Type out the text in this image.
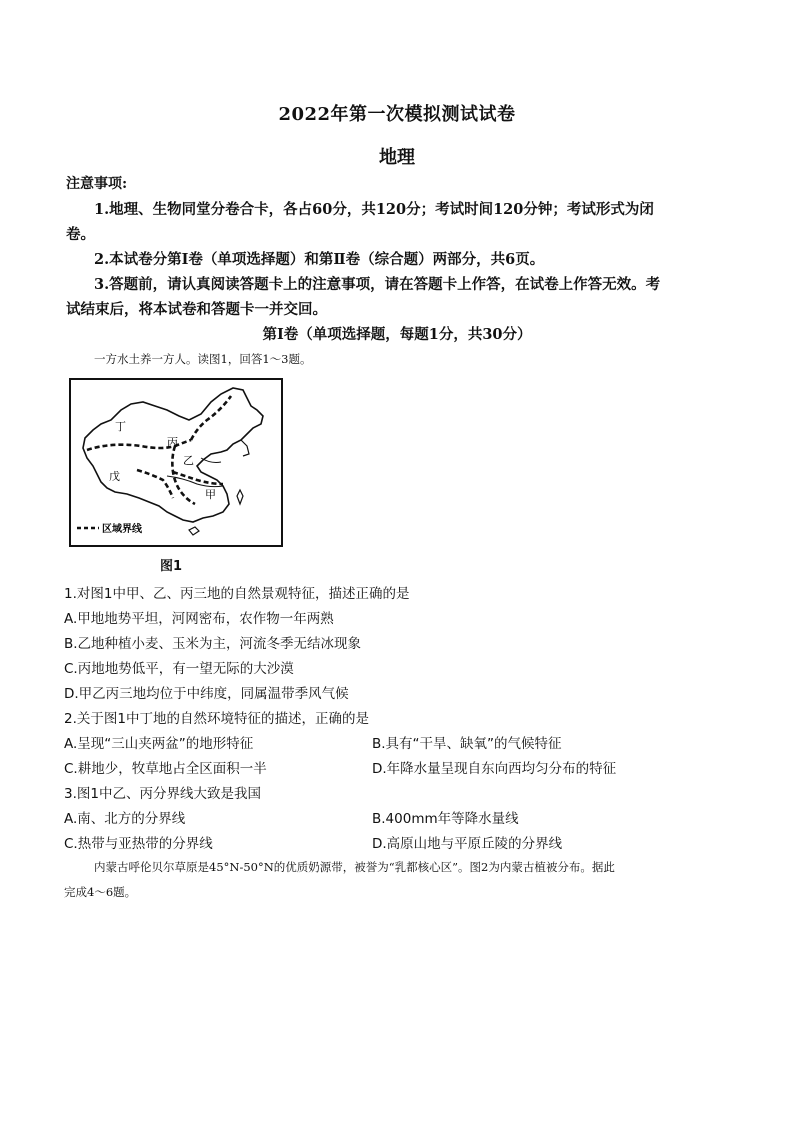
2022年第一次模拟测试试卷
地理
注意事项:
1.地理、生物同堂分卷合卡，各占60分，共120分；考试时间120分钟；考试形式为闭
卷。
2.本试卷分第Ⅰ卷（单项选择题）和第Ⅱ卷（综合题）两部分，共6页。
3.答题前，请认真阅读答题卡上的注意事项，请在答题卡上作答，在试卷上作答无效。考
试结束后，将本试卷和答题卡一并交回。
第Ⅰ卷（单项选择题，每题1分，共30分）
一方水土养一方人。读图1，回答1～3题。
丁
丙
乙
戊
甲
区域界线
图1
1.对图1中甲、乙、丙三地的自然景观特征，描述正确的是
A.甲地地势平坦，河网密布，农作物一年两熟
B.乙地种植小麦、玉米为主，河流冬季无结冰现象
C.丙地地势低平，有一望无际的大沙漠
D.甲乙丙三地均位于中纬度，同属温带季风气候
2.关于图1中丁地的自然环境特征的描述，正确的是
A.呈现“三山夹两盆”的地形特征	B.具有“干旱、缺氧”的气候特征
C.耕地少，牧草地占全区面积一半	D.年降水量呈现自东向西均匀分布的特征
3.图1中乙、丙分界线大致是我国
A.南、北方的分界线	B.400mm年等降水量线
C.热带与亚热带的分界线	D.高原山地与平原丘陵的分界线
内蒙古呼伦贝尔草原是45°N-50°N的优质奶源带，被誉为“乳都核心区”。图2为内蒙古植被分布。据此
完成4～6题。
